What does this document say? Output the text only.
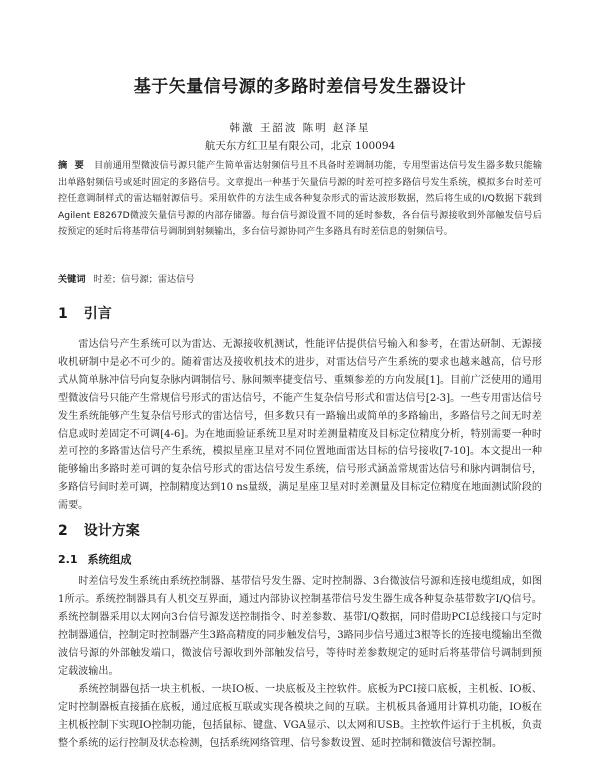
基于矢量信号源的多路时差信号发生器设计
韩激 王韶波 陈明 赵泽星
航天东方红卫星有限公司，北京 100094
摘 要 目前通用型微波信号源只能产生简单雷达射频信号且不具备时差调制功能，专用型雷达信号发生器多数只能输出单路射频信号或延时固定的多路信号。文章提出一种基于矢量信号源的时差可控多路信号发生系统，模拟多台时差可控任意调制样式的雷达辐射源信号。采用软件的方法生成各种复杂形式的雷达波形数据，然后将生成的I/Q数据下载到Agilent E8267D微波矢量信号源的内部存储器。每台信号源设置不同的延时参数，各台信号源接收到外部触发信号后按预定的延时后将基带信号调制到射频输出，多台信号源协同产生多路具有时差信息的射频信号。
关键词 时差；信号源；雷达信号
1 引言
雷达信号产生系统可以为雷达、无源接收机测试，性能评估提供信号输入和参考，在雷达研制、无源接收机研制中是必不可少的。随着雷达及接收机技术的进步，对雷达信号产生系统的要求也越来越高，信号形式从简单脉冲信号向复杂脉内调制信号、脉间频率捷变信号、重频参差的方向发展[1]。目前广泛使用的通用型微波信号只能产生常规信号形式的雷达信号，不能产生复杂信号形式和雷达信号[2-3]。一些专用雷达信号发生系统能够产生复杂信号形式的雷达信号，但多数只有一路输出或简单的多路输出，多路信号之间无时差信息或时差固定不可调[4-6]。为在地面验证系统卫星对时差测量精度及目标定位精度分析，特别需要一种时差可控的多路雷达信号产生系统，模拟星座卫星对不同位置地面雷达目标的信号接收[7-10]。本文提出一种能够输出多路时差可调的复杂信号形式的雷达信号发生系统，信号形式涵盖常规雷达信号和脉内调制信号，多路信号间时差可调，控制精度达到10 ns量级，满足星座卫星对时差测量及目标定位精度在地面测试阶段的需要。
2 设计方案
2.1 系统组成
时差信号发生系统由系统控制器、基带信号发生器、定时控制器、3台微波信号源和连接电缆组成，如图1所示。系统控制器具有人机交互界面，通过内部协议控制基带信号发生器生成各种复杂基带数字I/Q信号。系统控制器采用以太网向3台信号源发送控制指令、时差参数、基带I/Q数据，同时借助PCI总线接口与定时控制器通信，控制定时控制器产生3路高精度的同步触发信号，3路同步信号通过3根等长的连接电缆输出至微波信号源的外部触发端口，微波信号源收到外部触发信号，等待时差参数规定的延时后将基带信号调制到预定载波输出。
系统控制器包括一块主机板、一块IO板、一块底板及主控软件。底板为PCI接口底板，主机板、IO板、定时控制器板直接插在底板，通过底板互联或实现各模块之间的互联。主机板具备通用计算机功能，IO板在主机板控制下实现IO控制功能，包括鼠标、键盘、VGA显示、以太网和USB。主控软件运行于主机板，负责整个系统的运行控制及状态检测，包括系统网络管理、信号参数设置、延时控制和微波信号源控制。
